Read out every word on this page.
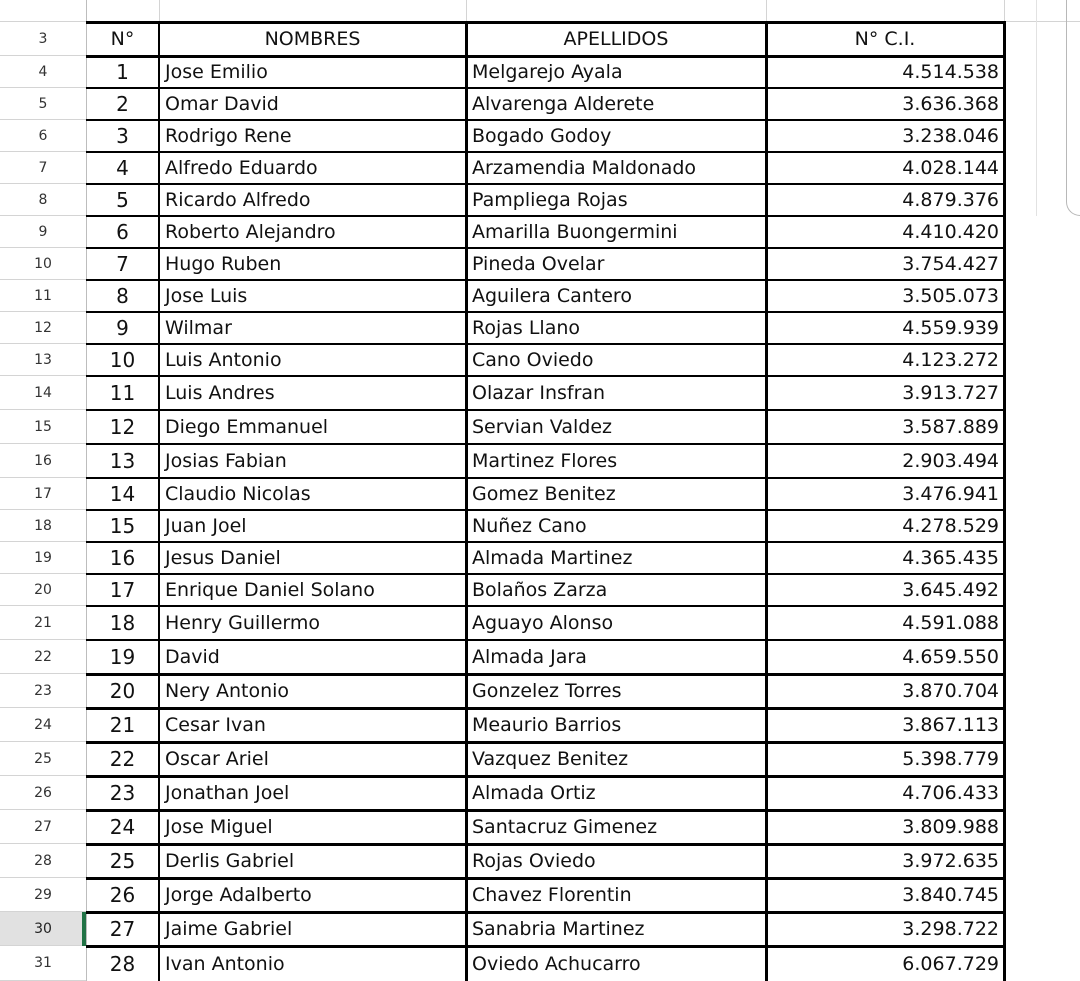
3
4
5
6
7
8
9
10
11
12
13
14
15
16
17
18
19
20
21
22
23
24
25
26
27
28
29
30
31
N°	NOMBRES	APELLIDOS	N° C.I.
1	Jose Emilio	Melgarejo Ayala	4.514.538
2	Omar David	Alvarenga Alderete	3.636.368
3	Rodrigo Rene	Bogado Godoy	3.238.046
4	Alfredo Eduardo	Arzamendia Maldonado	4.028.144
5	Ricardo Alfredo	Pampliega Rojas	4.879.376
6	Roberto Alejandro	Amarilla Buongermini	4.410.420
7	Hugo Ruben	Pineda Ovelar	3.754.427
8	Jose Luis	Aguilera Cantero	3.505.073
9	Wilmar	Rojas Llano	4.559.939
10	Luis Antonio	Cano Oviedo	4.123.272
11	Luis Andres	Olazar Insfran	3.913.727
12	Diego Emmanuel	Servian Valdez	3.587.889
13	Josias Fabian	Martinez Flores	2.903.494
14	Claudio Nicolas	Gomez Benitez	3.476.941
15	Juan Joel	Nuñez Cano	4.278.529
16	Jesus Daniel	Almada Martinez	4.365.435
17	Enrique Daniel Solano	Bolaños Zarza	3.645.492
18	Henry Guillermo	Aguayo Alonso	4.591.088
19	David	Almada Jara	4.659.550
20	Nery Antonio	Gonzelez Torres	3.870.704
21	Cesar Ivan	Meaurio Barrios	3.867.113
22	Oscar Ariel	Vazquez Benitez	5.398.779
23	Jonathan Joel	Almada Ortiz	4.706.433
24	Jose Miguel	Santacruz Gimenez	3.809.988
25	Derlis Gabriel	Rojas Oviedo	3.972.635
26	Jorge Adalberto	Chavez Florentin	3.840.745
27	Jaime Gabriel	Sanabria Martinez	3.298.722
28	Ivan Antonio	Oviedo Achucarro	6.067.729
